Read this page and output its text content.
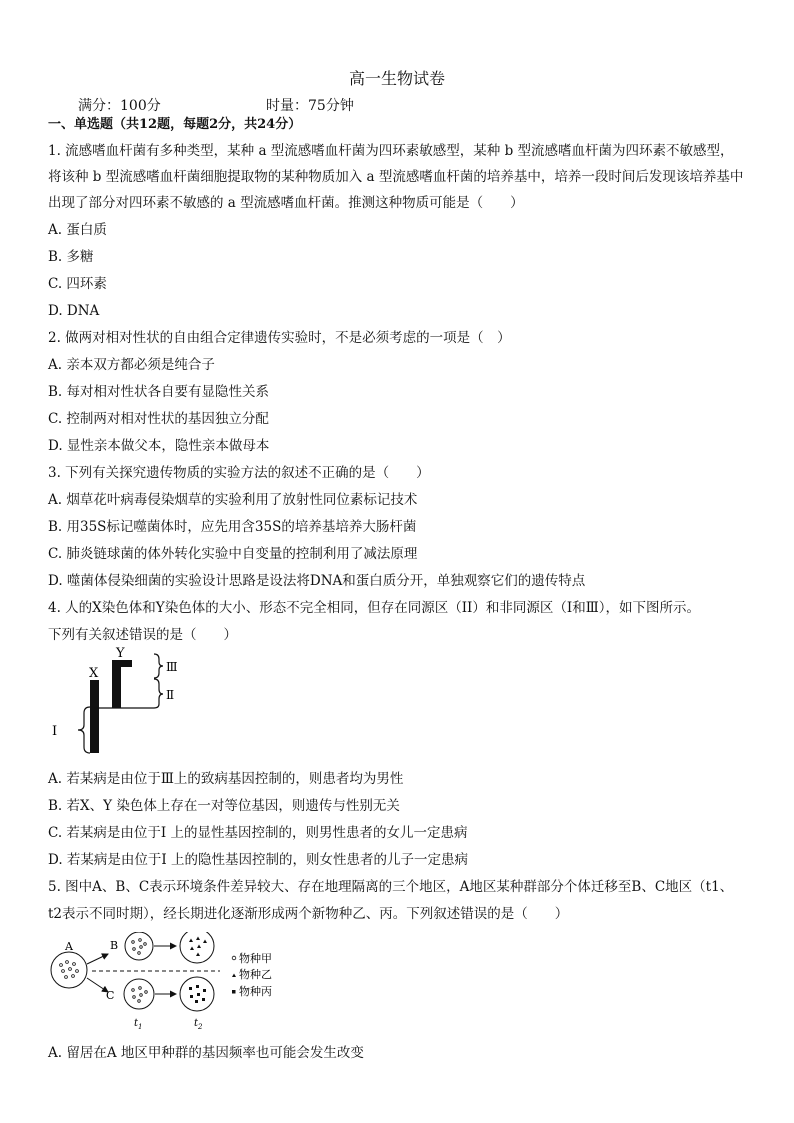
高一生物试卷
满分：100分	时量：75分钟
一、单选题（共12题，每题2分，共24分）
1. 流感嗜血杆菌有多种类型，某种 a 型流感嗜血杆菌为四环素敏感型，某种 b 型流感嗜血杆菌为四环素不敏感型，
将该种 b 型流感嗜血杆菌细胞提取物的某种物质加入 a 型流感嗜血杆菌的培养基中，培养一段时间后发现该培养基中
出现了部分对四环素不敏感的 a 型流感嗜血杆菌。推测这种物质可能是（　　）
A. 蛋白质
B. 多糖
C. 四环素
D. DNA
2. 做两对相对性状的自由组合定律遗传实验时，不是必须考虑的一项是（　）
A. 亲本双方都必须是纯合子
B. 每对相对性状各自要有显隐性关系
C. 控制两对相对性状的基因独立分配
D. 显性亲本做父本，隐性亲本做母本
3. 下列有关探究遗传物质的实验方法的叙述不正确的是（　　）
A. 烟草花叶病毒侵染烟草的实验利用了放射性同位素标记技术
B. 用35S标记噬菌体时，应先用含35S的培养基培养大肠杆菌
C. 肺炎链球菌的体外转化实验中自变量的控制利用了减法原理
D. 噬菌体侵染细菌的实验设计思路是设法将DNA和蛋白质分开，单独观察它们的遗传特点
4. 人的X染色体和Y染色体的大小、形态不完全相同，但存在同源区（II）和非同源区（I和Ⅲ），如下图所示。
下列有关叙述错误的是（　　）
X
Y
Ⅲ
Ⅱ
I
A. 若某病是由位于Ⅲ上的致病基因控制的，则患者均为男性
B. 若X、Y 染色体上存在一对等位基因，则遗传与性别无关
C. 若某病是由位于I 上的显性基因控制的，则男性患者的女儿一定患病
D. 若某病是由位于I 上的隐性基因控制的，则女性患者的儿子一定患病
5. 图中A、B、C表示环境条件差异较大、存在地理隔离的三个地区，A地区某种群部分个体迁移至B、C地区（t1、
t2表示不同时期），经长期进化逐渐形成两个新物种乙、丙。下列叙述错误的是（　　）
A	B
C
$t_1$	$t_2$
物种甲
物种乙
物种丙
A. 留居在A 地区甲种群的基因频率也可能会发生改变
